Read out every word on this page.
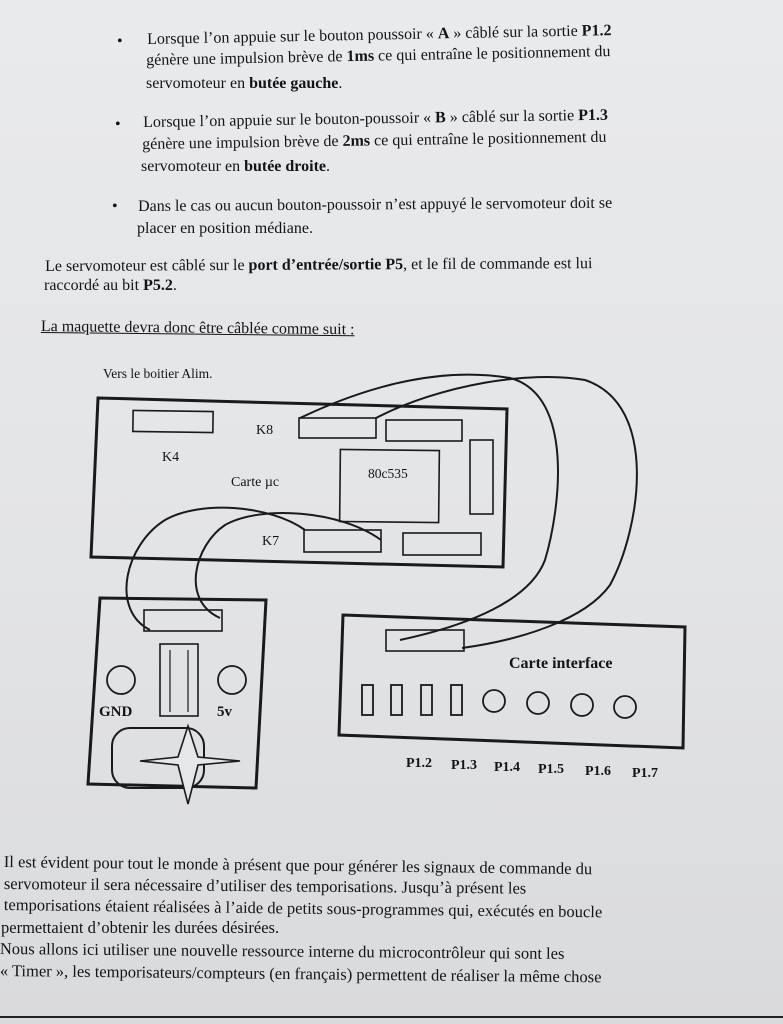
• Lorsque l’on appuie sur le bouton poussoir « A » câblé sur la sortie P1.2
génère une impulsion brève de 1ms ce qui entraîne le positionnement du
servomoteur en butée gauche.
• Lorsque l’on appuie sur le bouton-poussoir « B » câblé sur la sortie P1.3
génère une impulsion brève de 2ms ce qui entraîne le positionnement du
servomoteur en butée droite.
• Dans le cas ou aucun bouton-poussoir n’est appuyé le servomoteur doit se
placer en position médiane.
Le servomoteur est câblé sur le port d’entrée/sortie P5, et le fil de commande est lui
raccordé au bit P5.2.
La maquette devra donc être câblée comme suit :
Vers le boitier Alim.
K8
K4
Carte µc
80c535
K7
GND	5v
Carte interface
P1.2 P1.3 P1.4 P1.5 P1.6 P1.7
Il est évident pour tout le monde à présent que pour générer les signaux de commande du
servomoteur il sera nécessaire d’utiliser des temporisations. Jusqu’à présent les
temporisations étaient réalisées à l’aide de petits sous-programmes qui, exécutés en boucle
permettaient d’obtenir les durées désirées.
Nous allons ici utiliser une nouvelle ressource interne du microcontrôleur qui sont les
« Timer », les temporisateurs/compteurs (en français) permettent de réaliser la même chose
